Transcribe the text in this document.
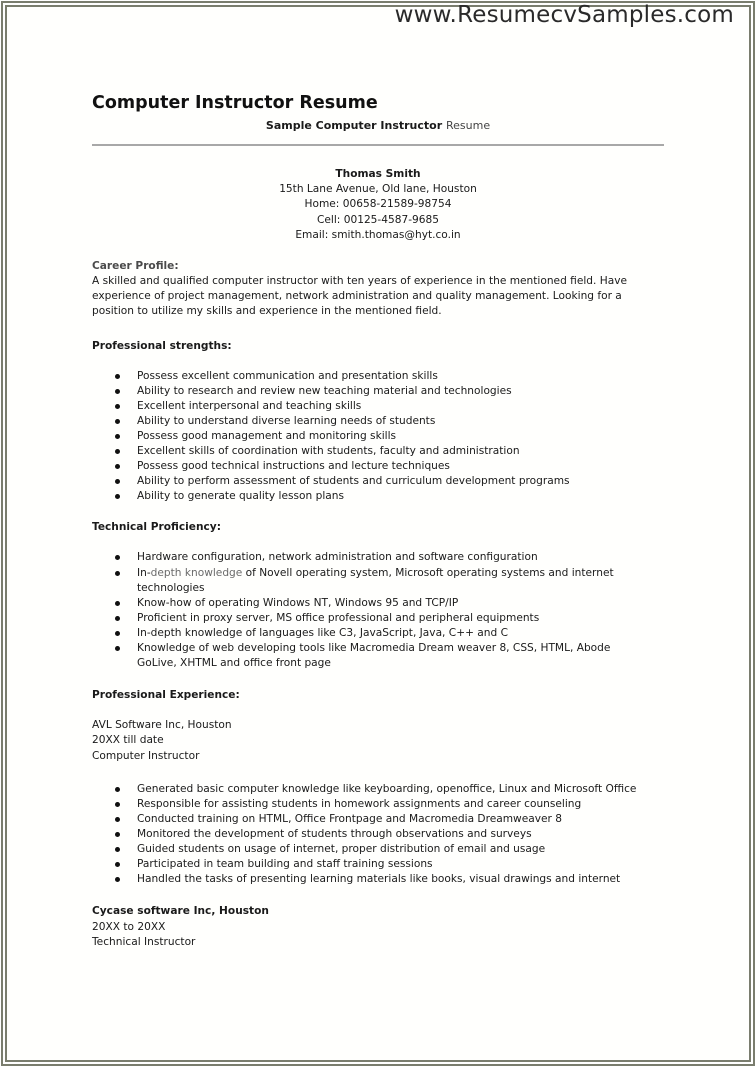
www.ResumecvSamples.com
Computer Instructor Resume
Sample Computer Instructor Resume
Thomas Smith
15th Lane Avenue, Old lane, Houston
Home: 00658-21589-98754
Cell: 00125-4587-9685
Email: smith.thomas@hyt.co.in
Career Profile:
A skilled and qualified computer instructor with ten years of experience in the mentioned field. Have experience of project management, network administration and quality management. Looking for a position to utilize my skills and experience in the mentioned field.
Professional strengths:
Possess excellent communication and presentation skills
Ability to research and review new teaching material and technologies
Excellent interpersonal and teaching skills
Ability to understand diverse learning needs of students
Possess good management and monitoring skills
Excellent skills of coordination with students, faculty and administration
Possess good technical instructions and lecture techniques
Ability to perform assessment of students and curriculum development programs
Ability to generate quality lesson plans
Technical Proficiency:
Hardware configuration, network administration and software configuration
In-depth knowledge of Novell operating system, Microsoft operating systems and internet technologies
Know-how of operating Windows NT, Windows 95 and TCP/IP
Proficient in proxy server, MS office professional and peripheral equipments
In-depth knowledge of languages like C3, JavaScript, Java, C++ and C
Knowledge of web developing tools like Macromedia Dream weaver 8, CSS, HTML, Abode GoLive, XHTML and office front page
Professional Experience:
AVL Software Inc, Houston
20XX till date
Computer Instructor
Generated basic computer knowledge like keyboarding, openoffice, Linux and Microsoft Office
Responsible for assisting students in homework assignments and career counseling
Conducted training on HTML, Office Frontpage and Macromedia Dreamweaver 8
Monitored the development of students through observations and surveys
Guided students on usage of internet, proper distribution of email and usage
Participated in team building and staff training sessions
Handled the tasks of presenting learning materials like books, visual drawings and internet
Cycase software Inc, Houston
20XX to 20XX
Technical Instructor
